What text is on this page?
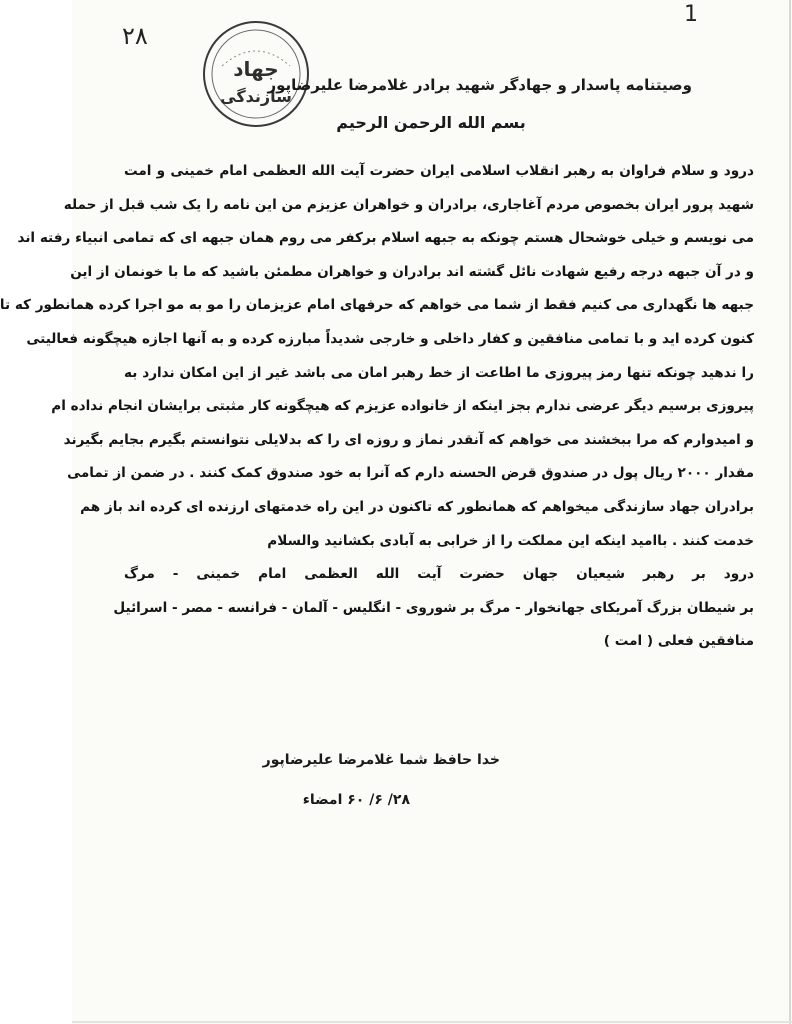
1
۲۸
جهاد
سازندگی
وصیتنامه پاسدار و جهادگر شهید برادر غلامرضا علیرضاپور
بسم الله الرحمن الرحیم
درود و سلام فراوان به رهبر انقلاب اسلامی ایران حضرت آیت الله العظمی امام خمینی و امت
شهید پرور ایران بخصوص مردم آغاجاری، برادران و خواهران عزیزم من این نامه را یک شب قبل از حمله
می نویسم و خیلی خوشحال هستم چونکه به جبهه اسلام برکفر می روم همان جبهه ای که تمامی انبیاء رفته اند
و در آن جبهه درجه رفیع شهادت نائل گشته اند برادران و خواهران مطمئن باشید که ما با خونمان از این
جبهه ها نگهداری می کنیم فقط از شما می خواهم که حرفهای امام عزیزمان را مو به مو اجرا کرده همانطور که تا
کنون کرده اید و با تمامی منافقین و کفار داخلی و خارجی شدیداً مبارزه کرده و به آنها اجازه هیچگونه فعالیتی
را ندهید چونکه تنها رمز پیروزی ما اطاعت از خط رهبر امان می باشد غیر از این امکان ندارد به
پیروزی برسیم دیگر عرضی ندارم بجز اینکه از خانواده عزیزم که هیچگونه کار مثبتی برایشان انجام نداده ام
و امیدوارم که مرا ببخشند می خواهم که آنقدر نماز و روزه ای را که بدلایلی نتوانستم بگیرم بجایم بگیرند
مقدار ۲۰۰۰ ریال پول در صندوق قرض الحسنه دارم که آنرا به خود صندوق کمک کنند . در ضمن از تمامی
برادران جهاد سازندگی میخواهم که همانطور که تاکنون در این راه خدمتهای ارزنده ای کرده اند باز هم
خدمت کنند . باامید اینکه این مملکت را از خرابی به آبادی بکشانید والسلام
درود بر رهبر شیعیان جهان حضرت آیت الله العظمی امام خمینی - مرگ
بر شیطان بزرگ آمریکای جهانخوار - مرگ بر شوروی - انگلیس - آلمان - فرانسه - مصر - اسرائیل
منافقین فعلی ( امت )
خدا حافظ شما غلامرضا علیرضاپور
۲۸/ ۶/ ۶۰ امضاء
